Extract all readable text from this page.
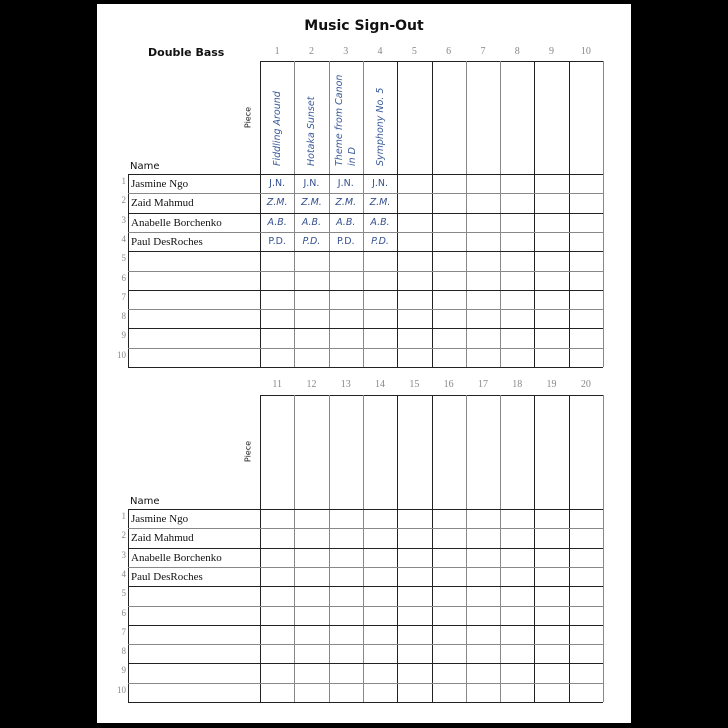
Music Sign-Out
Double Bass	1	2	3	4	5	6	7	8	9	10
Piece
Name
Fiddling Around	Hotaka Sunset	Theme from Canon in D	Symphony No. 5
1 Jasmine Ngo	J.N.	J.N.	J.N.	J.N.
2 Zaid Mahmud	Z.M.	Z.M.	Z.M.	Z.M.
3 Anabelle Borchenko	A.B.	A.B.	A.B.	A.B.
4 Paul DesRoches	P.D.	P.D.	P.D.	P.D.
5
6
7
8
9
10
11	12	13	14	15	16	17	18	19	20
Piece
Name
1 Jasmine Ngo
2 Zaid Mahmud
3 Anabelle Borchenko
4 Paul DesRoches
5
6
7
8
9
10
